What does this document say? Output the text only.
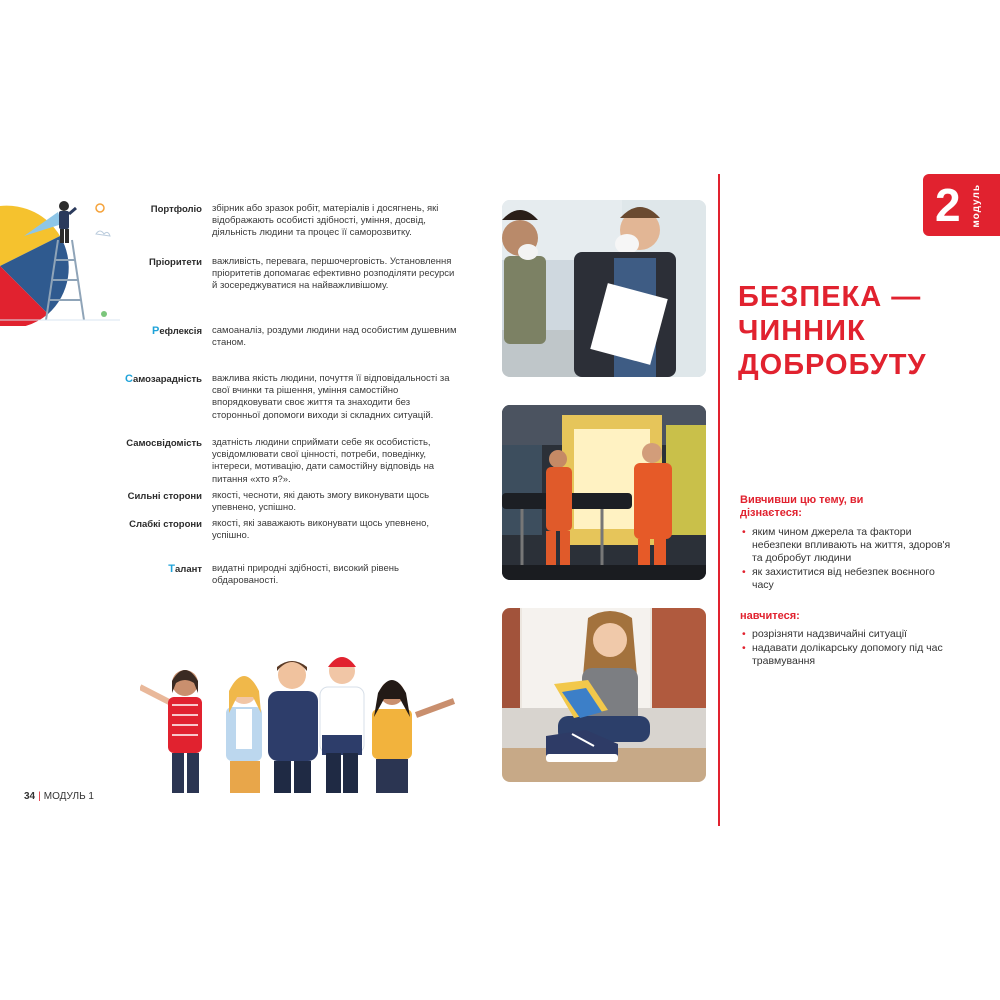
Портфоліо збірник або зразок робіт, матеріалів і досягнень, які відображають особисті здібності, уміння, досвід, діяльність людини та процес її саморозвитку.
Пріоритети важливість, перевага, першочерговість. Установлення пріоритетів допомагає ефективно розподіляти ресурси й зосереджуватися на найважливішому.
Рефлексія самоаналіз, роздуми людини над особистим душевним станом.
Самозарадність важлива якість людини, почуття її відповідальності за свої вчинки та рішення, уміння самостійно впорядковувати своє життя та знаходити без сторонньої допомоги виходи зі складних ситуацій.
Самосвідомість здатність людини сприймати себе як особистість, усвідомлювати свої цінності, потреби, поведінку, інтереси, мотивацію, дати самостійну відповідь на питання «хто я?».
Сильні сторони якості, чесноти, які дають змогу виконувати щось упевнено, успішно.
Слабкі сторони якості, які заважають виконувати щось упевнено, успішно.
Талант видатні природні здібності, високий рівень обдарованості.
34 | МОДУЛЬ 1
2 модуль
БЕЗПЕКА — ЧИННИК ДОБРОБУТУ
Вивчивши цю тему, ви дізнаєтеся:
• яким чином джерела та фактори небезпеки впливають на життя, здоров'я та добробут людини
• як захиститися від небезпек воєнного часу
навчитеся:
• розрізняти надзвичайні ситуації
• надавати долікарську допомогу під час травмування
